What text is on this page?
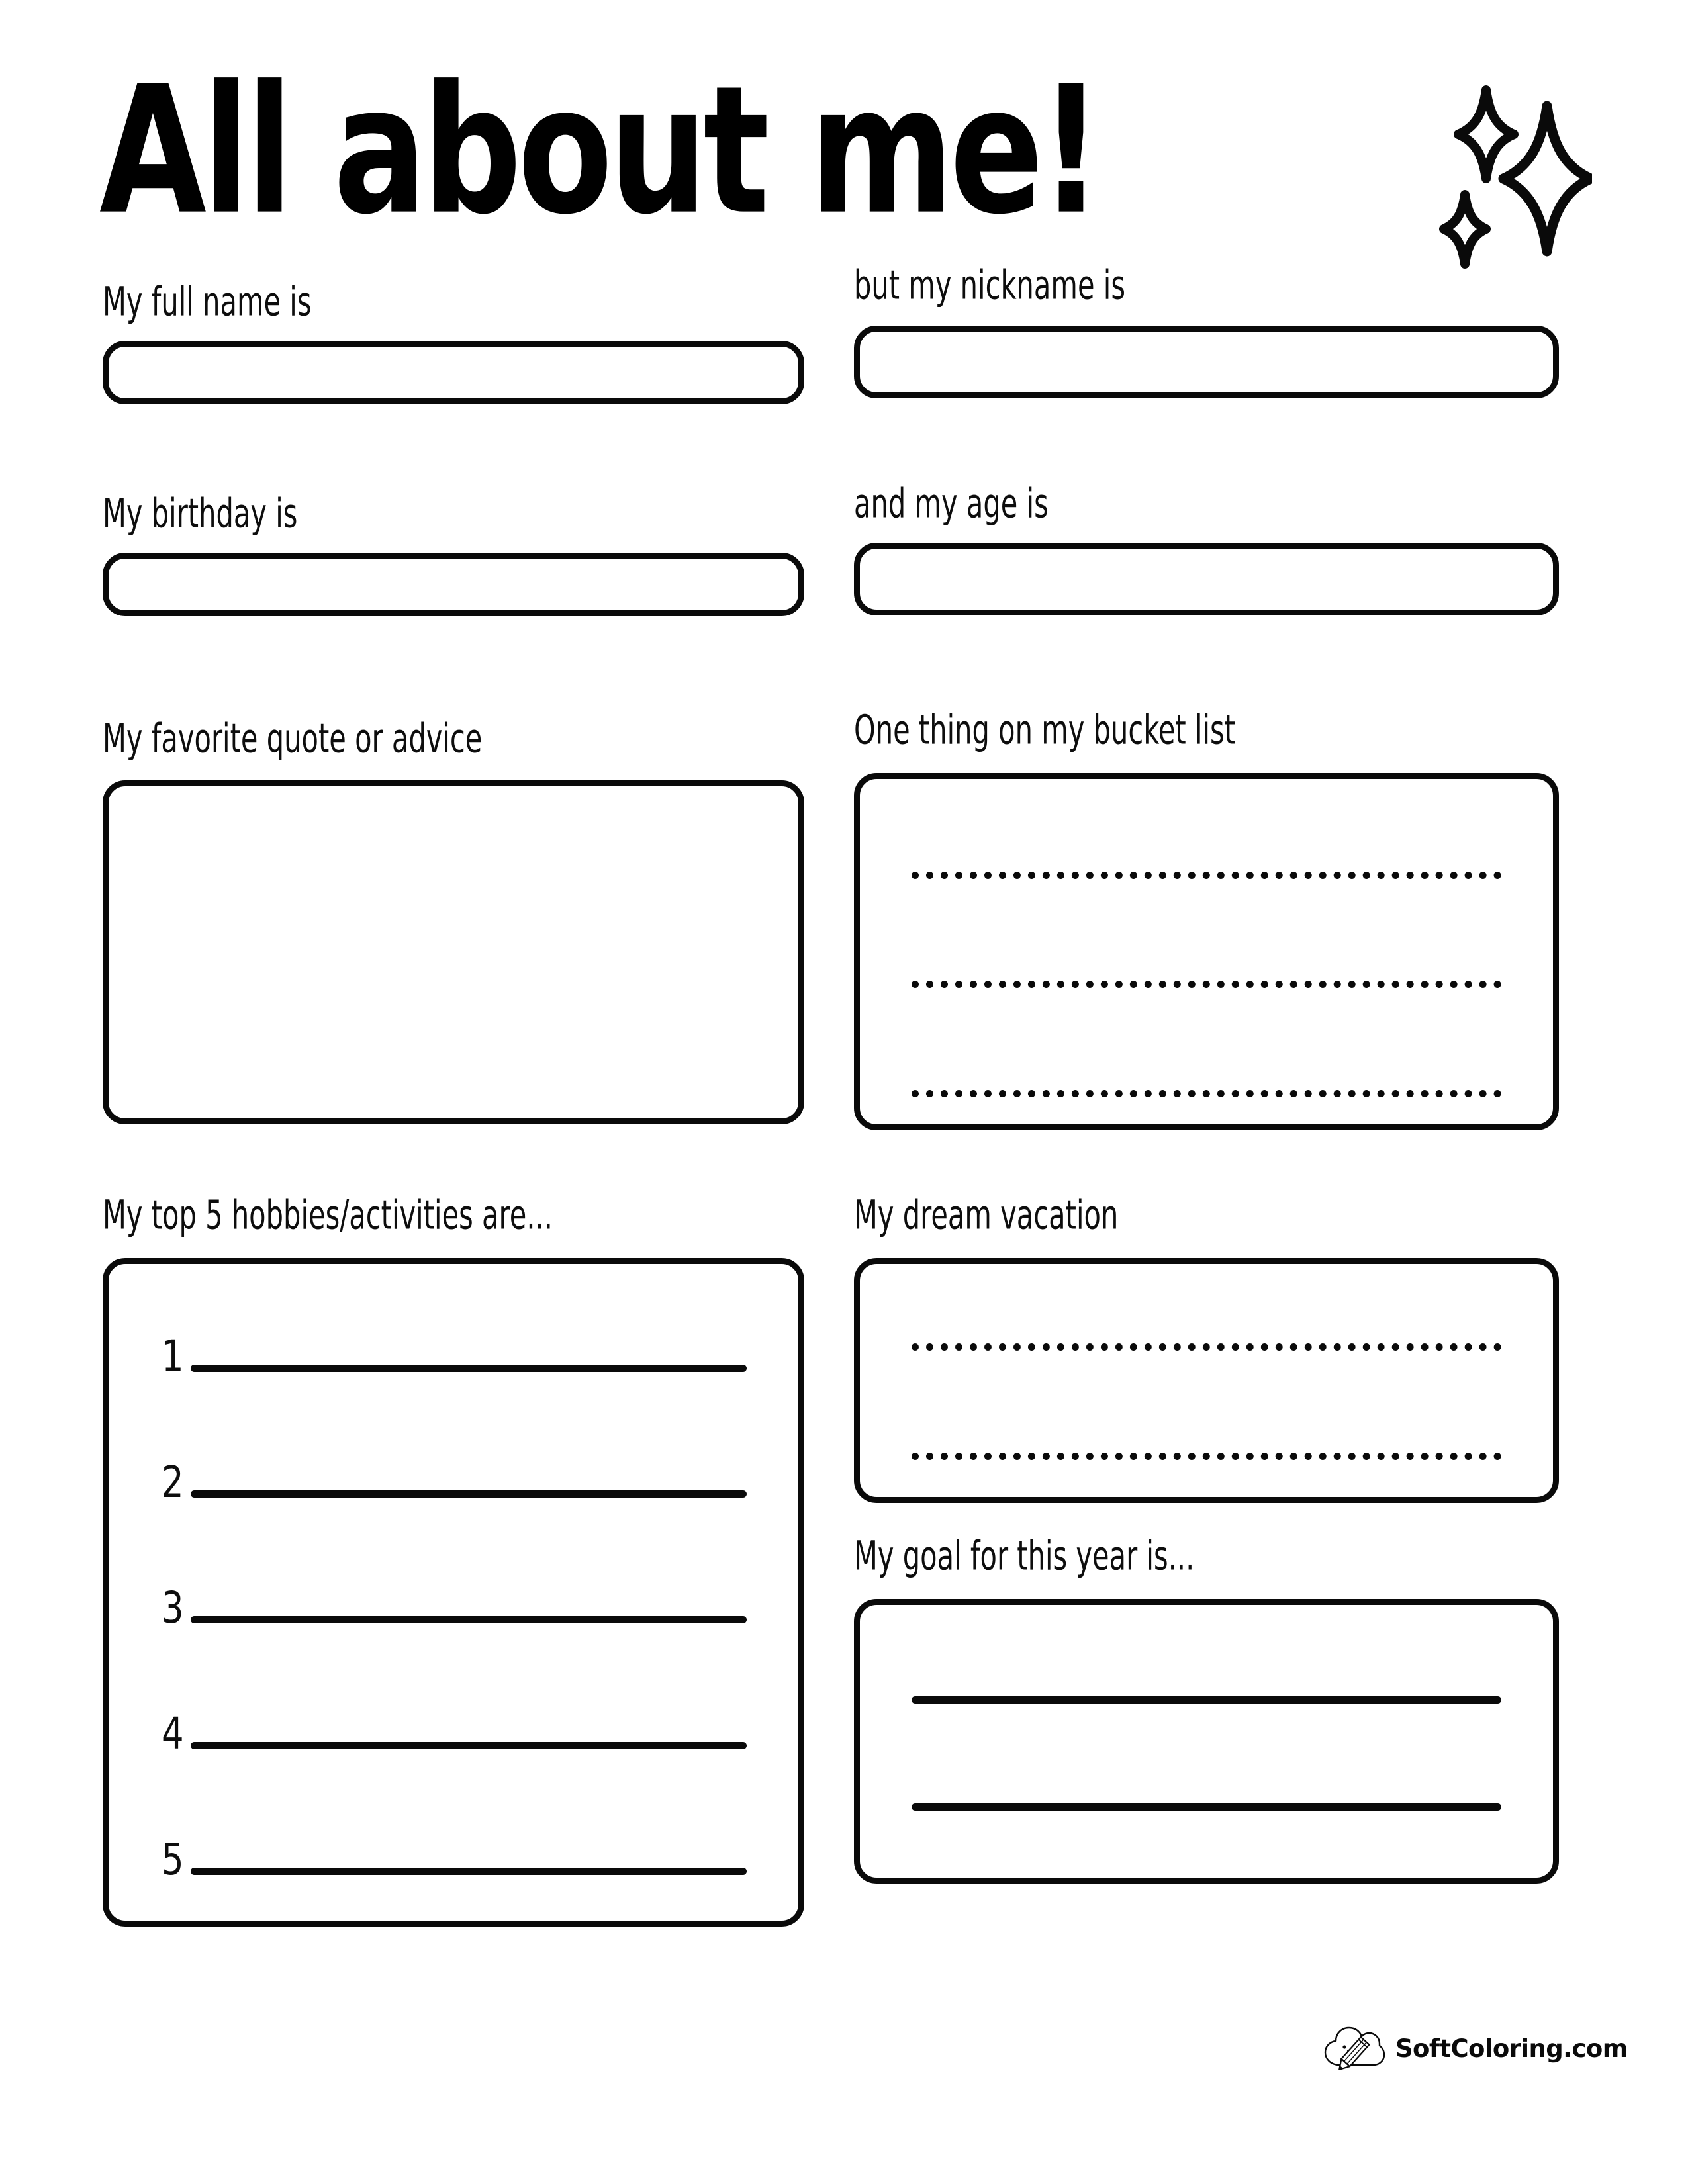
All about me!
My full name is	but my nickname is
My birthday is	and my age is
My favorite quote or advice	One thing on my bucket list
My top 5 hobbies/activities are...
1
2
3
4
5
My dream vacation
My goal for this year is...
SoftColoring.com
